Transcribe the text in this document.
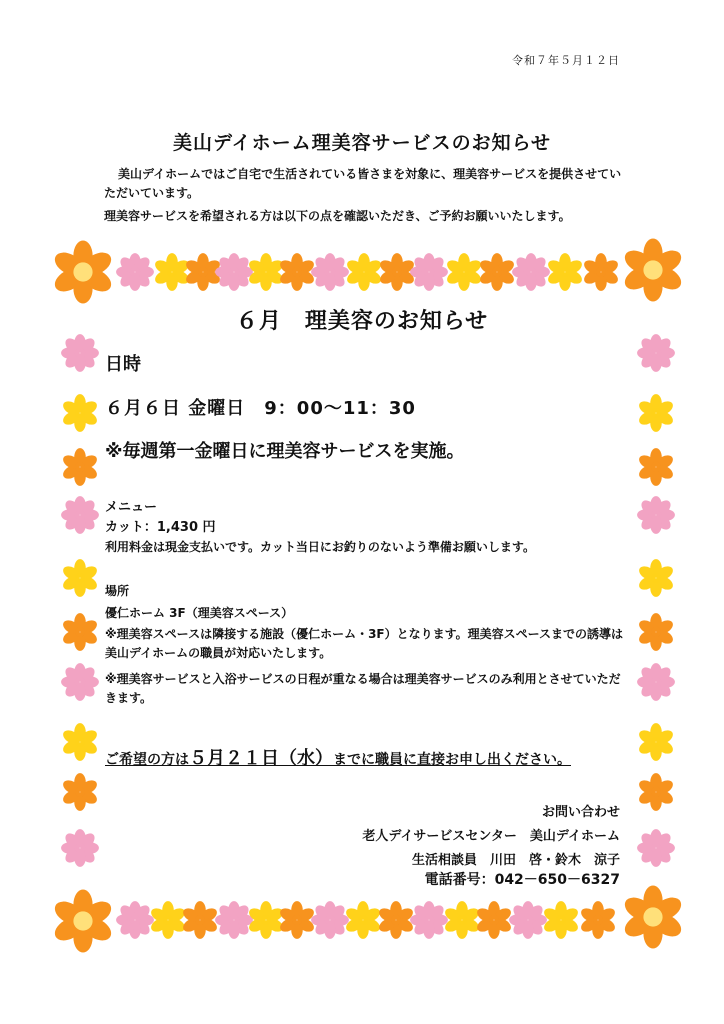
令和７年５月１２日
美山デイホーム理美容サービスのお知らせ
美山デイホームではご自宅で生活されている皆さまを対象に、理美容サービスを提供させていただいています。
理美容サービスを希望される方は以下の点を確認いただき、ご予約お願いいたします。
６月　理美容のお知らせ
日時
６月６日 金曜日　9：00～11：30
※毎週第一金曜日に理美容サービスを実施。
メニュー
カット：1,430 円
利用料金は現金支払いです。カット当日にお釣りのないよう準備お願いします。
場所
優仁ホーム 3F（理美容スペース）
※理美容スペースは隣接する施設（優仁ホーム・3F）となります。理美容スペースまでの誘導は美山デイホームの職員が対応いたします。
※理美容サービスと入浴サービスの日程が重なる場合は理美容サービスのみ利用とさせていただきます。
ご希望の方は５月２１日（水）までに職員に直接お申し出ください。
お問い合わせ
老人デイサービスセンター　美山デイホーム
生活相談員　川田　啓・鈴木　涼子
電話番号：042－650－6327
